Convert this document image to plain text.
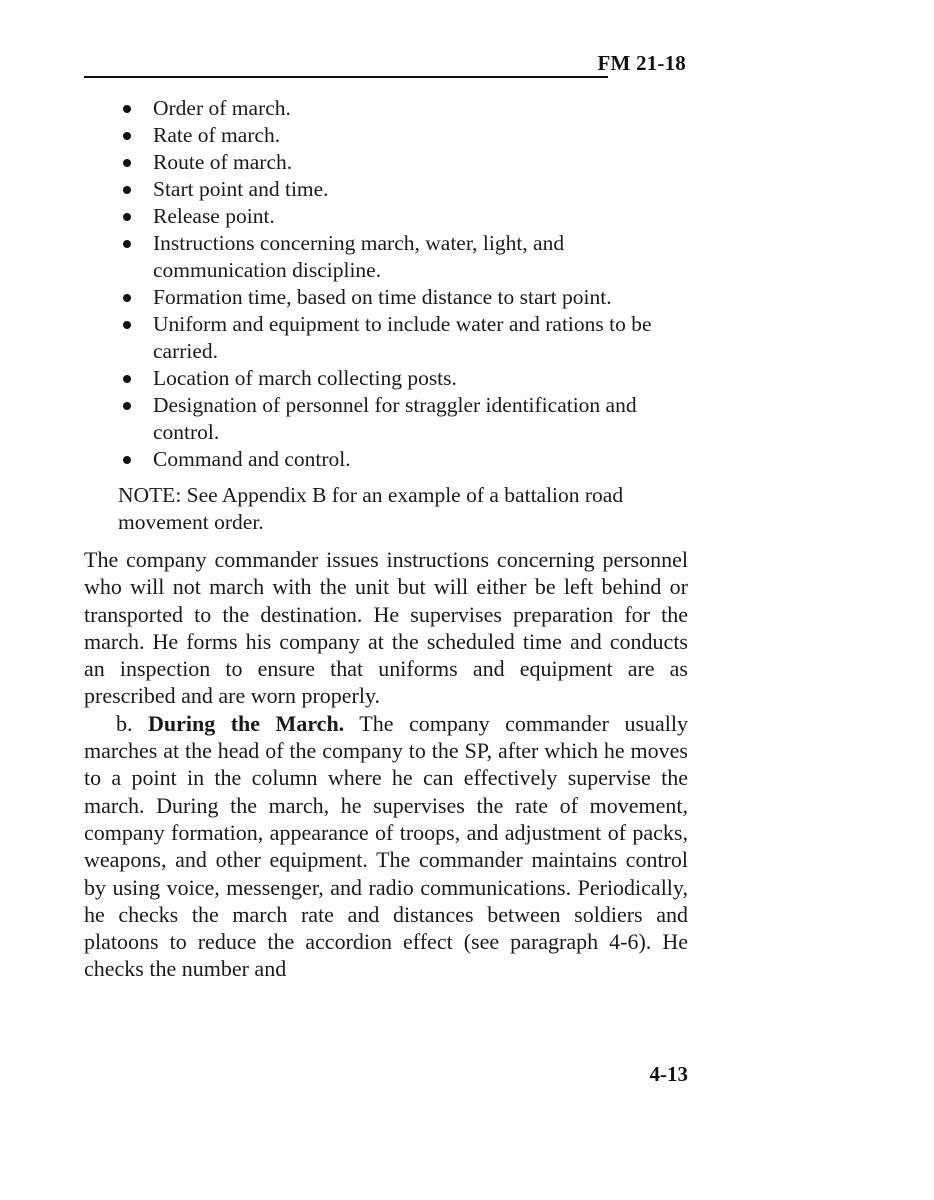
FM 21-18
Order of march.
Rate of march.
Route of march.
Start point and time.
Release point.
Instructions concerning march, water, light, and communication discipline.
Formation time, based on time distance to start point.
Uniform and equipment to include water and rations to be carried.
Location of march collecting posts.
Designation of personnel for straggler identification and control.
Command and control.

NOTE: See Appendix B for an example of a battalion road movement order.

The company commander issues instructions concerning personnel who will not march with the unit but will either be left behind or transported to the destination. He supervises preparation for the march. He forms his company at the scheduled time and conducts an inspection to ensure that uniforms and equipment are as prescribed and are worn properly.

b. During the March. The company commander usually marches at the head of the company to the SP, after which he moves to a point in the column where he can effectively supervise the march. During the march, he supervises the rate of movement, company formation, appearance of troops, and adjustment of packs, weapons, and other equipment. The commander maintains control by using voice, messenger, and radio communications. Periodically, he checks the march rate and distances between soldiers and platoons to reduce the accordion effect (see paragraph 4-6). He checks the number and

4-13
